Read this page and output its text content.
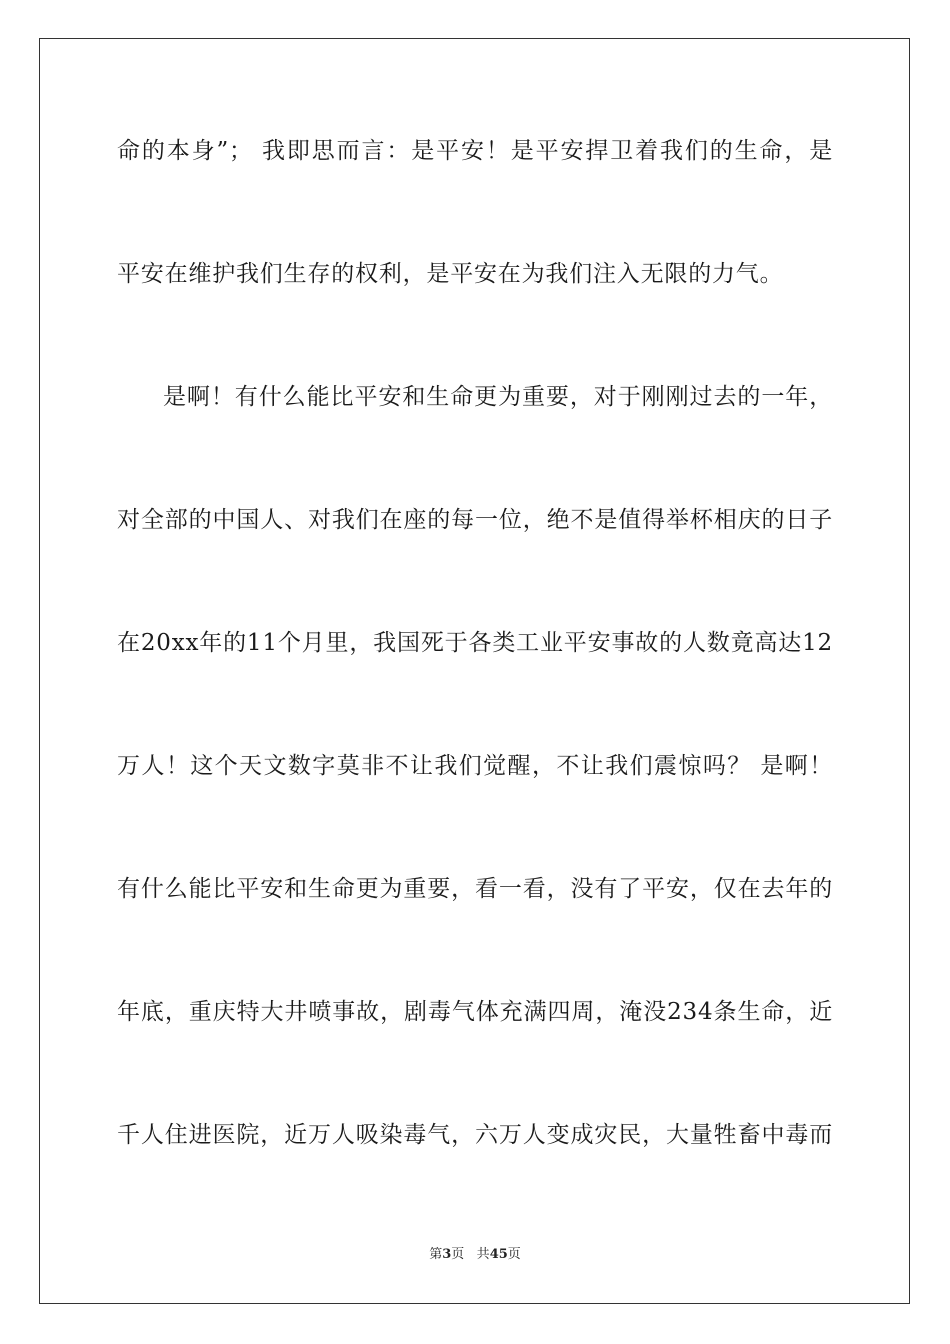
命的本身”； 我即思而言：是平安！是平安捍卫着我们的生命，是
平安在维护我们生存的权利，是平安在为我们注入无限的力气。
是啊！有什么能比平安和生命更为重要，对于刚刚过去的一年，
对全部的中国人、对我们在座的每一位，绝不是值得举杯相庆的日子
在20xx年的11个月里，我国死于各类工业平安事故的人数竟高达12
万人！这个天文数字莫非不让我们觉醒，不让我们震惊吗？ 是啊！
有什么能比平安和生命更为重要，看一看，没有了平安，仅在去年的
年底，重庆特大井喷事故，剧毒气体充满四周，淹没234条生命，近
千人住进医院，近万人吸染毒气，六万人变成灾民，大量牲畜中毒而
第3页 共45页
